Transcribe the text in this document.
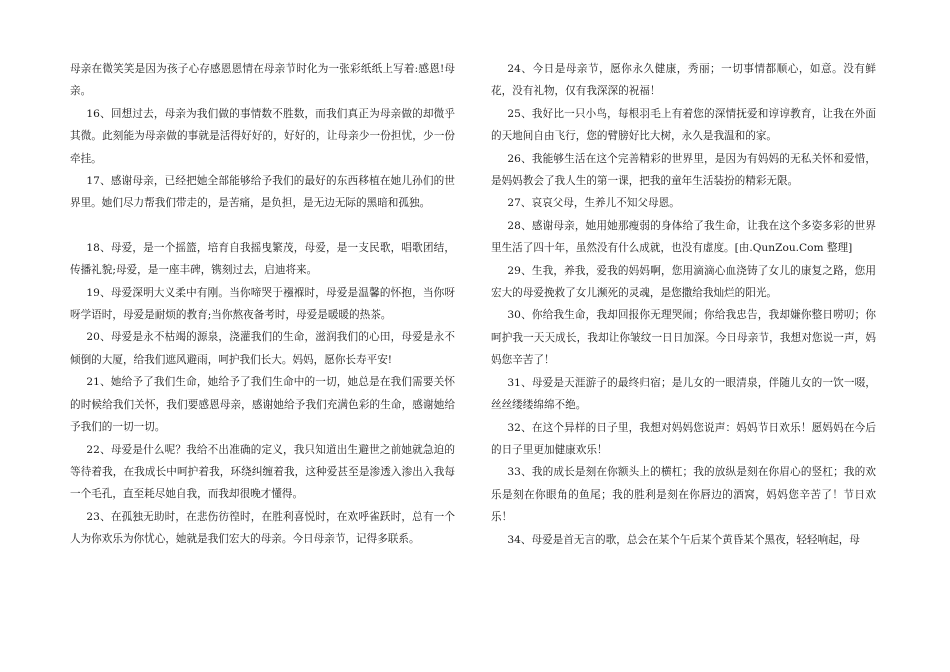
母亲在微笑笑是因为孩子心存感恩恩情在母亲节时化为一张彩纸纸上写着:感恩!母亲。

16、回想过去，母亲为我们做的事情数不胜数，而我们真正为母亲做的却微乎其微。此刻能为母亲做的事就是活得好好的，好好的，让母亲少一份担忧，少一份牵挂。

17、感谢母亲，已经把她全部能够给予我们的最好的东西移植在她儿孙们的世界里。她们尽力帮我们带走的，是苦痛，是负担，是无边无际的黑暗和孤独。

18、母爱，是一个摇篮，培育自我摇曳繁茂，母爱，是一支民歌，唱歌团结，传播礼貌;母爱，是一座丰碑，镌刻过去，启迪将来。

19、母爱深明大义柔中有刚。当你啼哭于襁褓时，母爱是温馨的怀抱，当你呀呀学语时，母爱是耐烦的教育;当你熬夜备考时，母爱是暖暖的热茶。

20、母爱是永不枯竭的源泉，浇灌我们的生命，滋润我们的心田，母爱是永不倾倒的大厦，给我们遮风避雨，呵护我们长大。妈妈，愿你长寿平安!

21、她给予了我们生命，她给予了我们生命中的一切，她总是在我们需要关怀的时候给我们关怀，我们要感恩母亲，感谢她给予我们充满色彩的生命，感谢她给予我们的一切一切。

22、母爱是什么呢？我给不出准确的定义，我只知道出生避世之前她就急迫的等待着我，在我成长中呵护着我，环绕纠缠着我，这种爱甚至是渗透入渗出入我每一个毛孔，直至耗尽她自我，而我却很晚才懂得。

23、在孤独无助时，在悲伤彷徨时，在胜利喜悦时，在欢呼雀跃时，总有一个人为你欢乐为你忧心，她就是我们宏大的母亲。今日母亲节，记得多联系。

24、今日是母亲节，愿你永久健康，秀丽；一切事情都顺心，如意。没有鲜花，没有礼物，仅有我深深的祝福！

25、我好比一只小鸟，每根羽毛上有着您的深情抚爱和谆谆教育，让我在外面的天地间自由飞行，您的臂膀好比大树，永久是我温和的家。

26、我能够生活在这个完善精彩的世界里，是因为有妈妈的无私关怀和爱惜，是妈妈教会了我人生的第一课，把我的童年生活装扮的精彩无限。

27、哀哀父母，生养儿不知父母恩。

28、感谢母亲，她用她那瘦弱的身体给了我生命，让我在这个多姿多彩的世界里生活了四十年，虽然没有什么成就，也没有虚度。[由.QunZou.Com 整理]

29、生我，养我，爱我的妈妈啊，您用滴滴心血浇铸了女儿的康复之路，您用宏大的母爱挽救了女儿濒死的灵魂，是您撒给我灿烂的阳光。

30、你给我生命，我却回报你无理哭闹；你给我忠告，我却嫌你整日唠叨；你呵护我一天天成长，我却让你皱纹一日日加深。今日母亲节，我想对您说一声，妈妈您辛苦了！

31、母爱是天涯游子的最终归宿；是儿女的一眼清泉，伴随儿女的一饮一啜，丝丝缕缕绵绵不绝。

32、在这个异样的日子里，我想对妈妈您说声：妈妈节日欢乐！愿妈妈在今后的日子里更加健康欢乐！

33、我的成长是刻在你额头上的横杠；我的放纵是刻在你眉心的竖杠；我的欢乐是刻在你眼角的鱼尾；我的胜利是刻在你唇边的酒窝，妈妈您辛苦了！节日欢乐！

34、母爱是首无言的歌，总会在某个午后某个黄昏某个黑夜，轻轻响起，母
